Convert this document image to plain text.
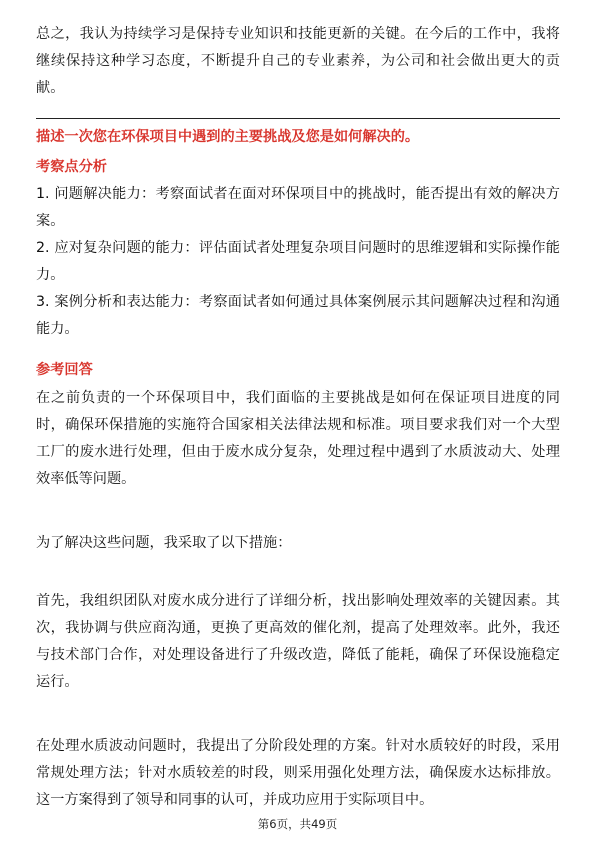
总之，我认为持续学习是保持专业知识和技能更新的关键。在今后的工作中，我将继续保持这种学习态度，不断提升自己的专业素养，为公司和社会做出更大的贡献。

描述一次您在环保项目中遇到的主要挑战及您是如何解决的。

考察点分析

1. 问题解决能力：考察面试者在面对环保项目中的挑战时，能否提出有效的解决方案。
2. 应对复杂问题的能力：评估面试者处理复杂项目问题时的思维逻辑和实际操作能力。
3. 案例分析和表达能力：考察面试者如何通过具体案例展示其问题解决过程和沟通能力。

参考回答

在之前负责的一个环保项目中，我们面临的主要挑战是如何在保证项目进度的同时，确保环保措施的实施符合国家相关法律法规和标准。项目要求我们对一个大型工厂的废水进行处理，但由于废水成分复杂，处理过程中遇到了水质波动大、处理效率低等问题。

为了解决这些问题，我采取了以下措施：

首先，我组织团队对废水成分进行了详细分析，找出影响处理效率的关键因素。其次，我协调与供应商沟通，更换了更高效的催化剂，提高了处理效率。此外，我还与技术部门合作，对处理设备进行了升级改造，降低了能耗，确保了环保设施稳定运行。

在处理水质波动问题时，我提出了分阶段处理的方案。针对水质较好的时段，采用常规处理方法；针对水质较差的时段，则采用强化处理方法，确保废水达标排放。这一方案得到了领导和同事的认可，并成功应用于实际项目中。

第6页，共49页
